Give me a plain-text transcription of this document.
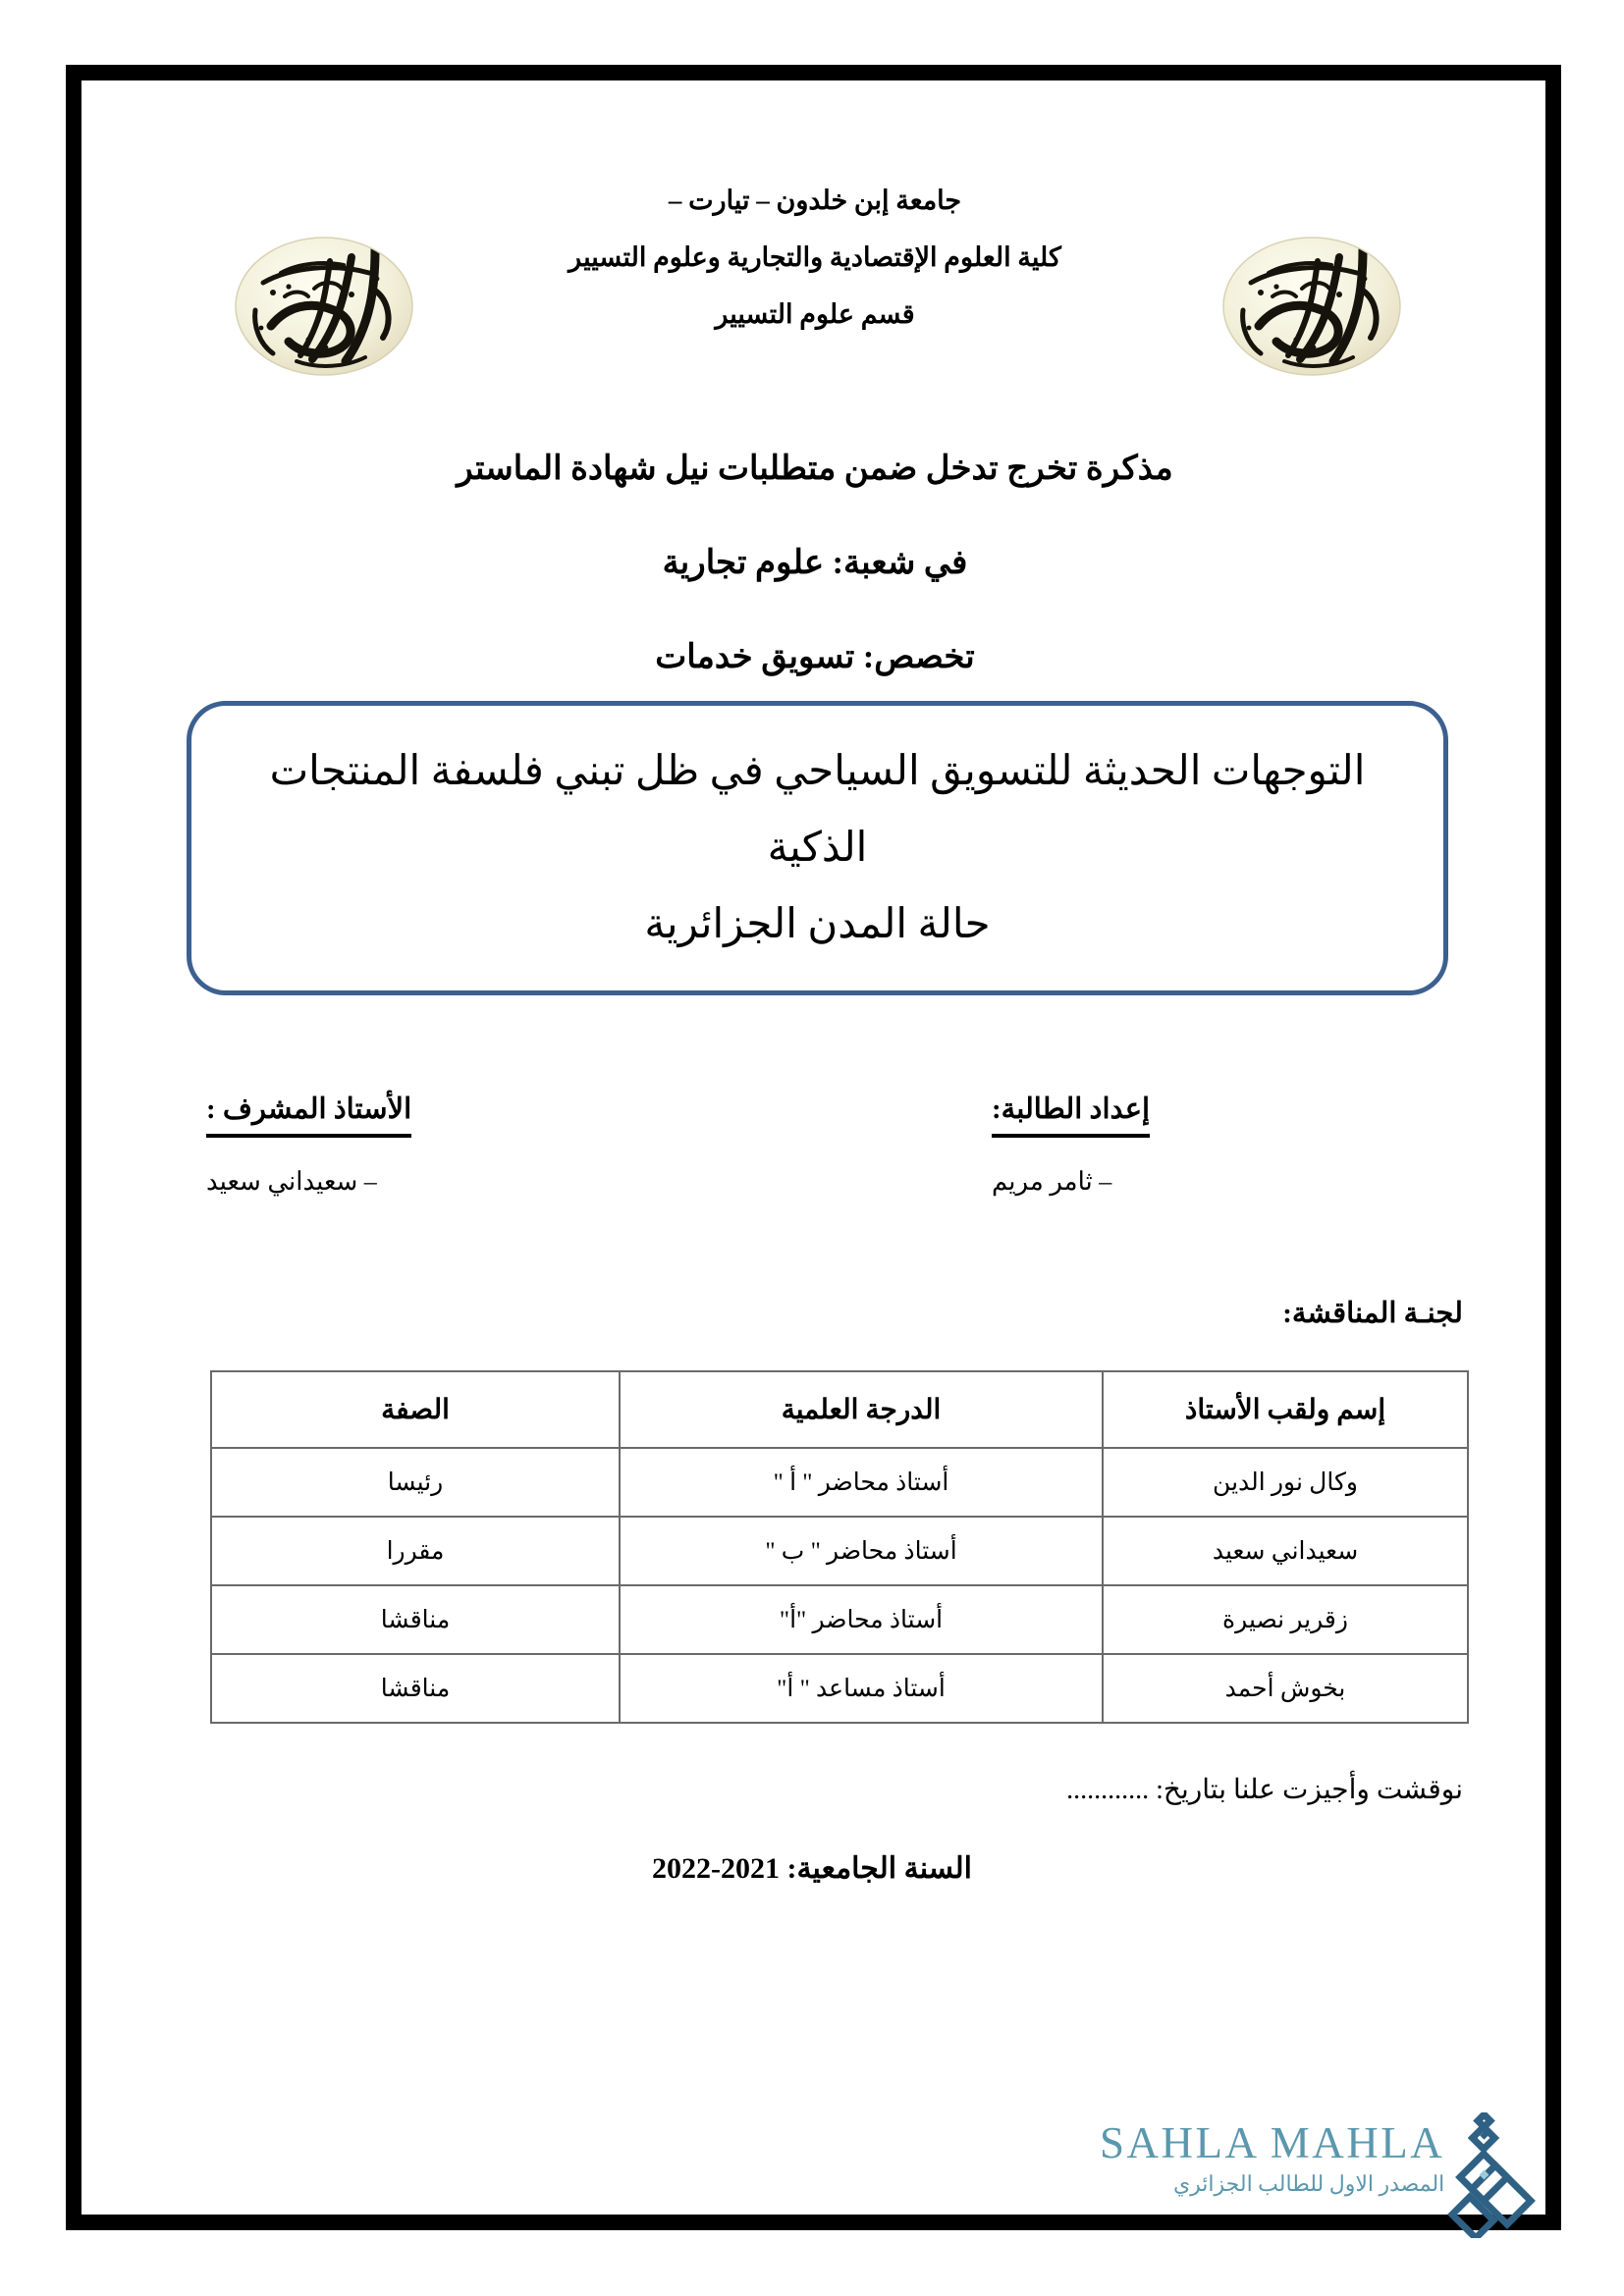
جامعة إبن خلدون – تيارت –
كلية العلوم الإقتصادية والتجارية وعلوم التسيير
قسم علوم التسيير
مذكرة تخرج تدخل ضمن متطلبات نيل شهادة الماستر
في شعبة: علوم تجارية
تخصص: تسويق خدمات
التوجهات الحديثة للتسويق السياحي في ظل تبني فلسفة المنتجات الذكية
حالة المدن الجزائرية
إعداد الطالبة:
– ثامر مريم
الأستاذ المشرف :
– سعيداني سعيد
لجنـة المناقشة:
إسم ولقب الأستاذ	الدرجة العلمية	الصفة
وكال نور الدين	أستاذ محاضر " أ "	رئيسا
سعيداني سعيد	أستاذ محاضر " ب "	مقررا
زقرير نصيرة	أستاذ محاضر "أ"	مناقشا
بخوش أحمد	أستاذ مساعد " أ"	مناقشا
نوقشت وأجيزت علنا بتاريخ: ............
السنة الجامعية: 2021-2022
SAHLA MAHLA
المصدر الاول للطالب الجزائري
